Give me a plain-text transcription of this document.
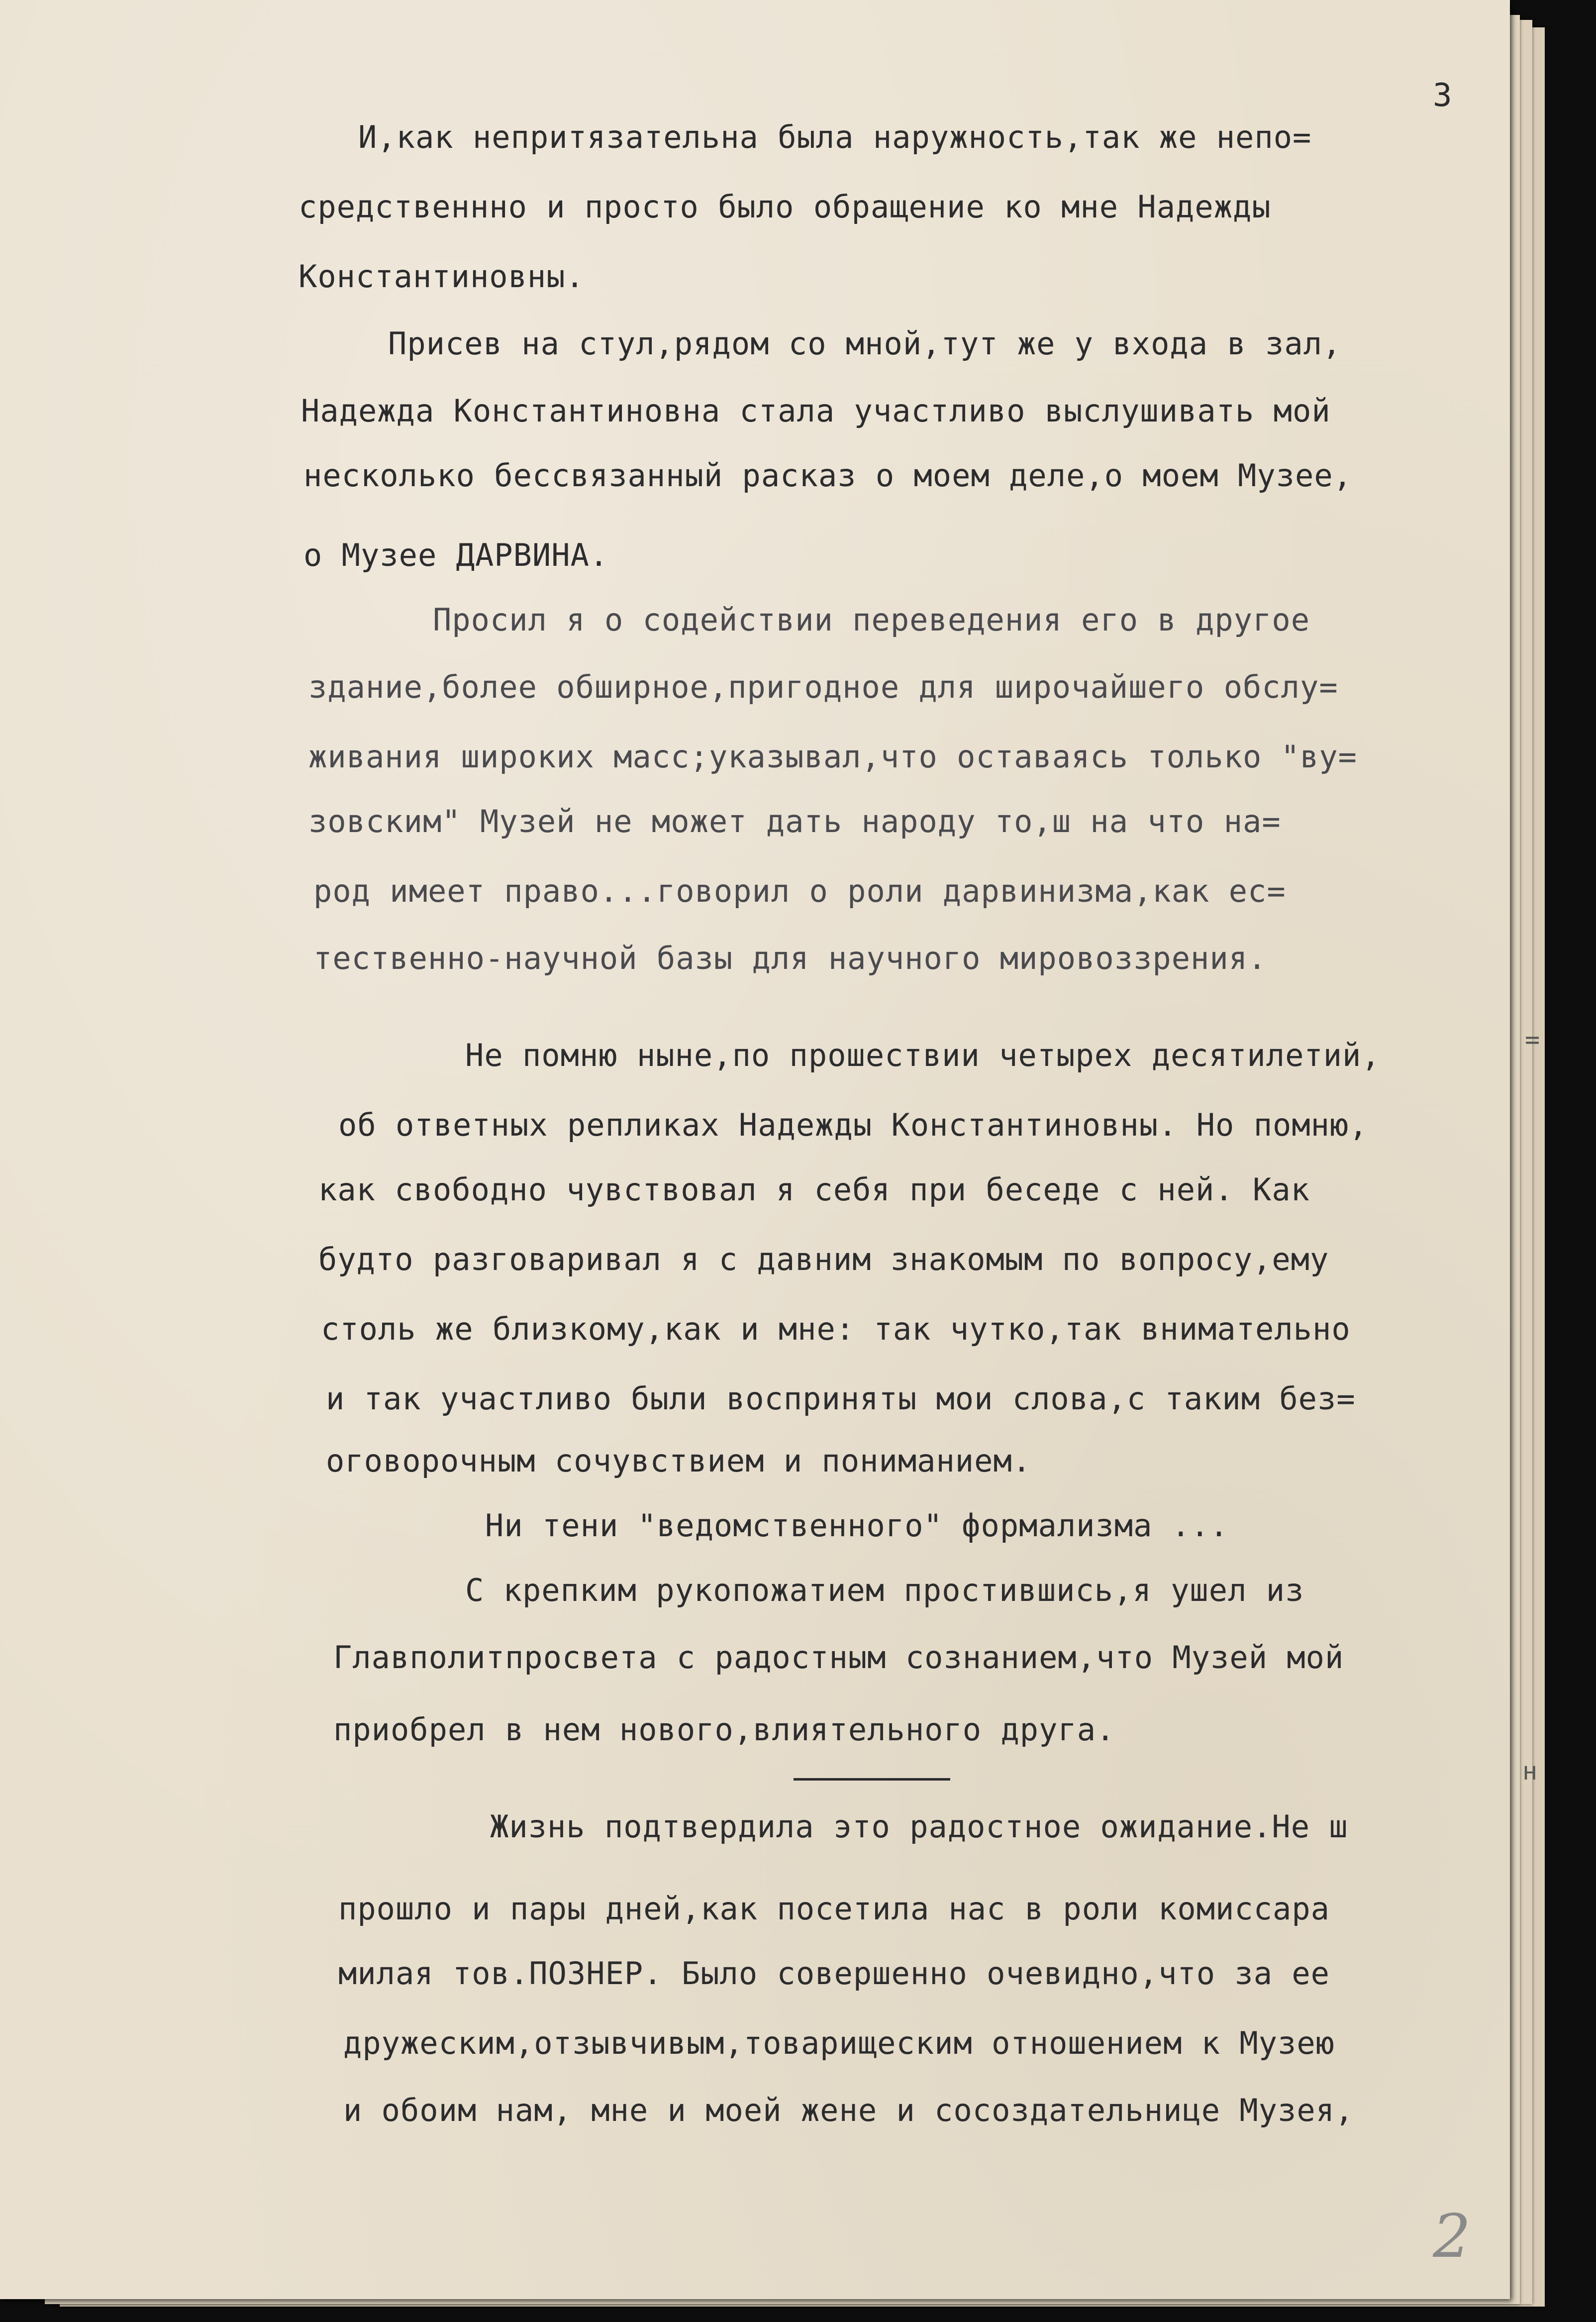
3
И,как непритязательна была наружность,так же непо=
средственнно и просто было обращение ко мне Надежды
Константиновны.
Присев на стул,рядом со мной,тут же у входа в зал,
Надежда Константиновна стала участливо выслушивать мой
несколько бессвязанный расказ о моем деле,о моем Музее,
о Музее ДАРВИНА.
Просил я о содействии переведения его в другое
здание,более обширное,пригодное для широчайшего обслу=
живания широких масс;указывал,что оставаясь только "ву=
зовским" Музей не может дать народу то,ш на что на=
род имеет право...говорил о роли дарвинизма,как ес=
тественно-научной базы для научного мировоззрения.
Не помню ныне,по прошествии четырех десятилетий,
об ответных репликах Надежды Константиновны. Но помню,
как свободно чувствовал я себя при беседе с ней. Как
будто разговаривал я с давним знакомым по вопросу,ему
столь же близкому,как и мне: так чутко,так внимательно
и так участливо были восприняты мои слова,с таким без=
оговорочным сочувствием и пониманием.
Ни тени "ведомственного" формализма ...
С крепким рукопожатием простившись,я ушел из
Главполитпросвета с радостным сознанием,что Музей мой
приобрел в нем нового,влиятельного друга.
Жизнь подтвердила это радостное ожидание.Не ш
прошло и пары дней,как посетила нас в роли комиссара
милая тов.ПОЗНЕР. Было совершенно очевидно,что за ее
дружеским,отзывчивым,товарищеским отношением к Музею
и обоим нам, мне и моей жене и сосоздательнице Музея,
2
=
н
